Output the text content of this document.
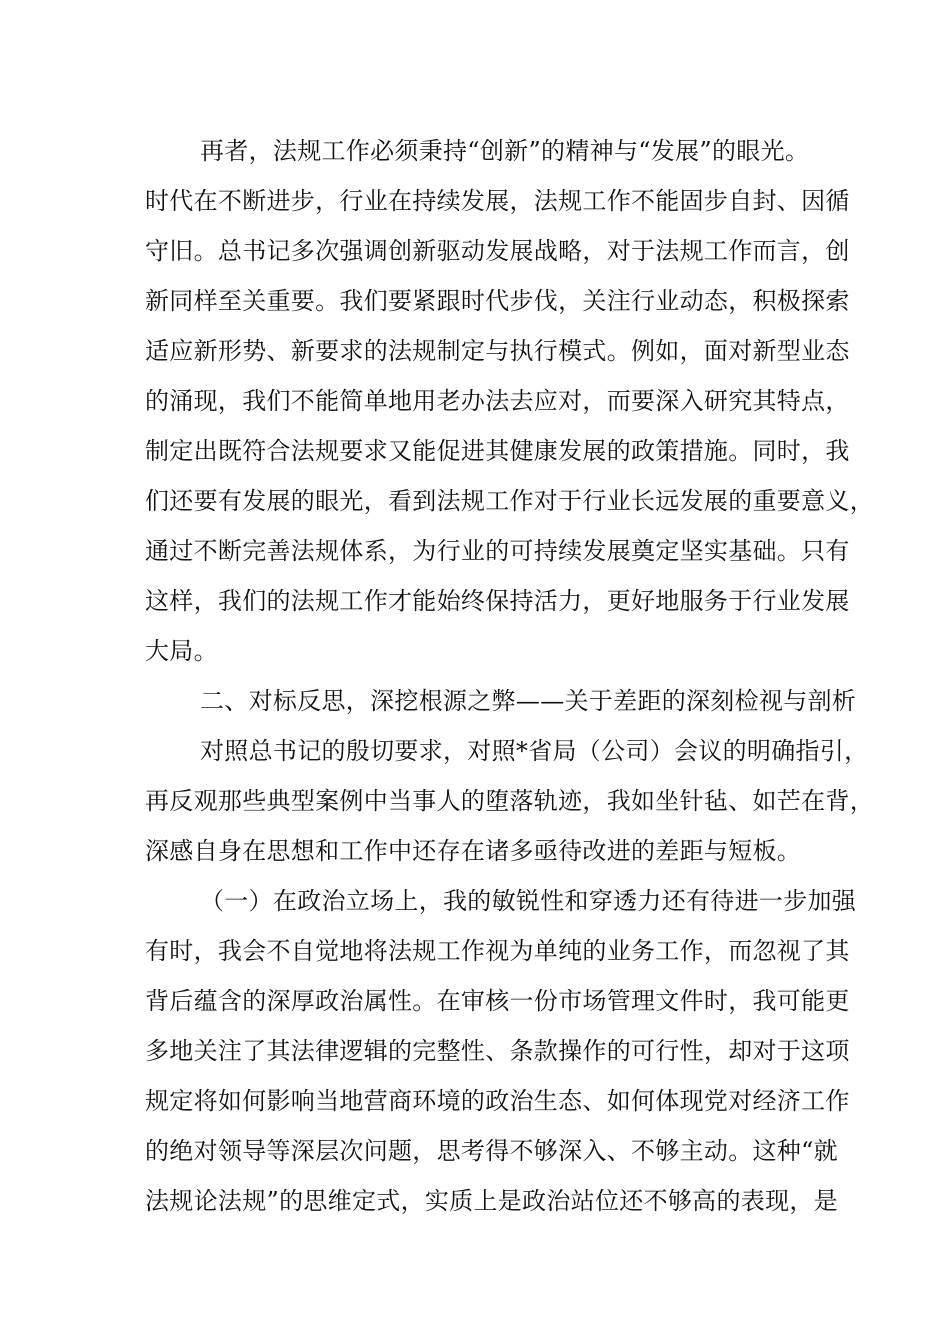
再者，法规工作必须秉持“创新”的精神与“发展”的眼光。

时代在不断进步，行业在持续发展，法规工作不能固步自封、因循

守旧。总书记多次强调创新驱动发展战略，对于法规工作而言，创

新同样至关重要。我们要紧跟时代步伐，关注行业动态，积极探索

适应新形势、新要求的法规制定与执行模式。例如，面对新型业态

的涌现，我们不能简单地用老办法去应对，而要深入研究其特点，

制定出既符合法规要求又能促进其健康发展的政策措施。同时，我

们还要有发展的眼光，看到法规工作对于行业长远发展的重要意义，

通过不断完善法规体系，为行业的可持续发展奠定坚实基础。只有

这样，我们的法规工作才能始终保持活力，更好地服务于行业发展

大局。

二、对标反思，深挖根源之弊——关于差距的深刻检视与剖析

对照总书记的殷切要求，对照*省局（公司）会议的明确指引，

再反观那些典型案例中当事人的堕落轨迹，我如坐针毡、如芒在背，

深感自身在思想和工作中还存在诸多亟待改进的差距与短板。

（一）在政治立场上，我的敏锐性和穿透力还有待进一步加强

有时，我会不自觉地将法规工作视为单纯的业务工作，而忽视了其

背后蕴含的深厚政治属性。在审核一份市场管理文件时，我可能更

多地关注了其法律逻辑的完整性、条款操作的可行性，却对于这项

规定将如何影响当地营商环境的政治生态、如何体现党对经济工作

的绝对领导等深层次问题，思考得不够深入、不够主动。这种“就

法规论法规”的思维定式，实质上是政治站位还不够高的表现，是
